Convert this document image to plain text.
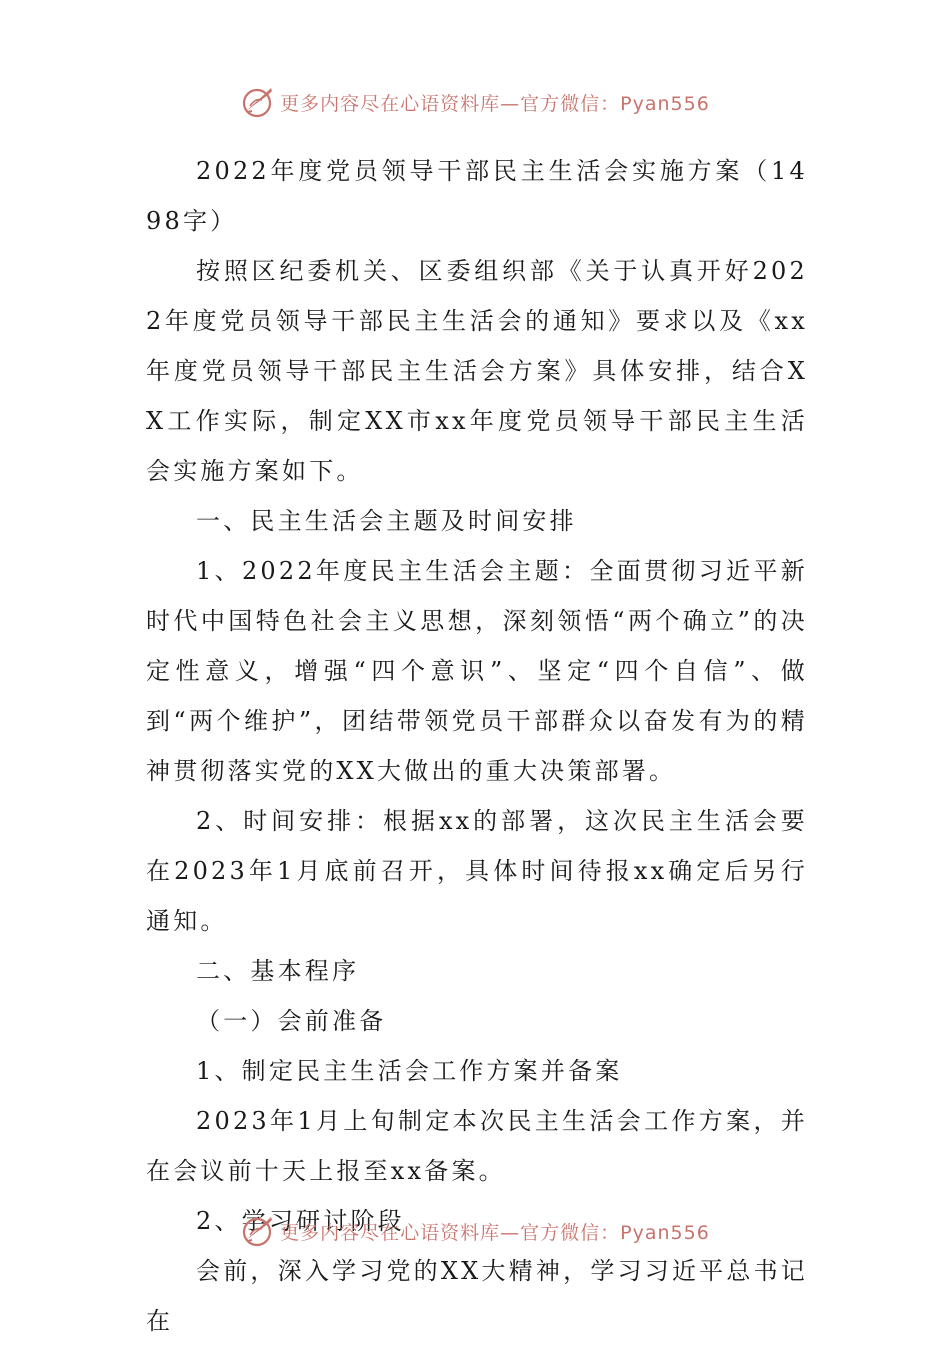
更多内容尽在心语资料库—官方微信：Pyan556

2022年度党员领导干部民主生活会实施方案（1498字）

按照区纪委机关、区委组织部《关于认真开好2022年度党员领导干部民主生活会的通知》要求以及《xx年度党员领导干部民主生活会方案》具体安排，结合XX工作实际，制定XX市xx年度党员领导干部民主生活会实施方案如下。

一、民主生活会主题及时间安排

1、2022年度民主生活会主题：全面贯彻习近平新时代中国特色社会主义思想，深刻领悟“两个确立”的决定性意义，增强“四个意识”、坚定“四个自信”、做到“两个维护”，团结带领党员干部群众以奋发有为的精神贯彻落实党的XX大做出的重大决策部署。

2、时间安排：根据xx的部署，这次民主生活会要在2023年1月底前召开，具体时间待报xx确定后另行通知。

二、基本程序

（一）会前准备

1、制定民主生活会工作方案并备案

2023年1月上旬制定本次民主生活会工作方案，并在会议前十天上报至xx备案。

2、学习研讨阶段

会前，深入学习党的XX大精神，学习习近平总书记在

更多内容尽在心语资料库—官方微信：Pyan556
